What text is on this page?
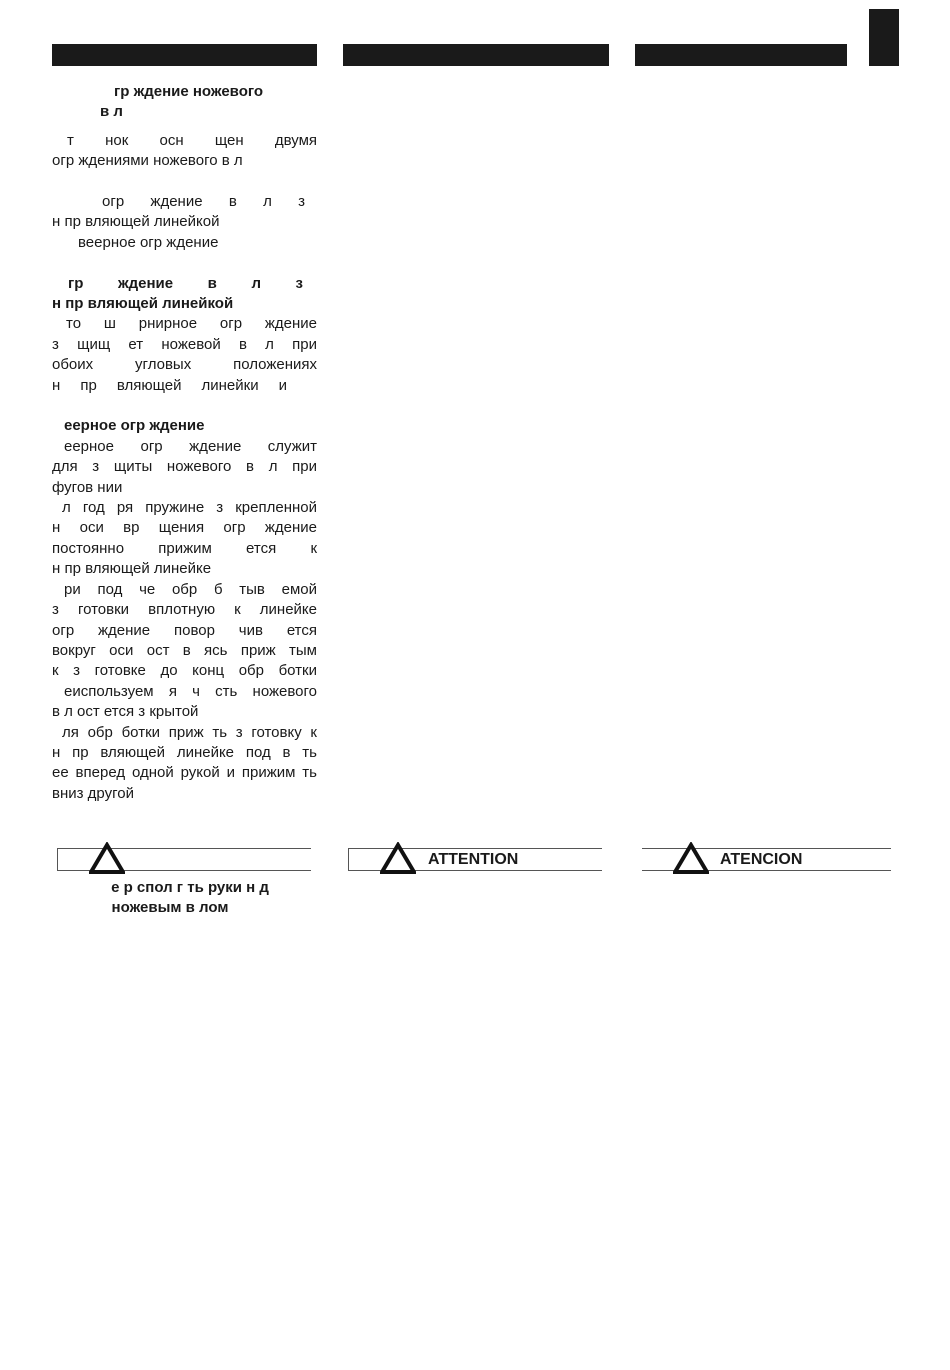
гр ждение ножевого

в л

т нок осн щен двумя

огр ждениями ножевого в л

огр ждение в л з

н пр вляющей линейкой

веерное огр ждение

гр ждение в л з

н пр вляющей линейкой

то ш рнирное огр ждение

з щищ ет ножевой в л при

обоих угловых положениях

н пр вляющей линейки и

еерное огр ждение

еерное огр ждение служит

для з щиты ножевого в л при

фугов нии

л год ря пружине з крепленной

н оси вр щения огр ждение

постоянно прижим ется к

н пр вляющей линейке

ри под че обр б тыв емой

з готовки вплотную к линейке

огр ждение повор чив ется

вокруг оси ост в ясь приж тым

к з готовке до конц обр ботки

еиспользуем я ч сть ножевого

в л ост ется з крытой

ля обр ботки приж ть з готовку к

н пр вляющей линейке под в ть

ее вперед одной рукой и прижим ть

вниз другой

е р спол г ть руки н д
ножевым в лом
ATTENTION	ATENCION
